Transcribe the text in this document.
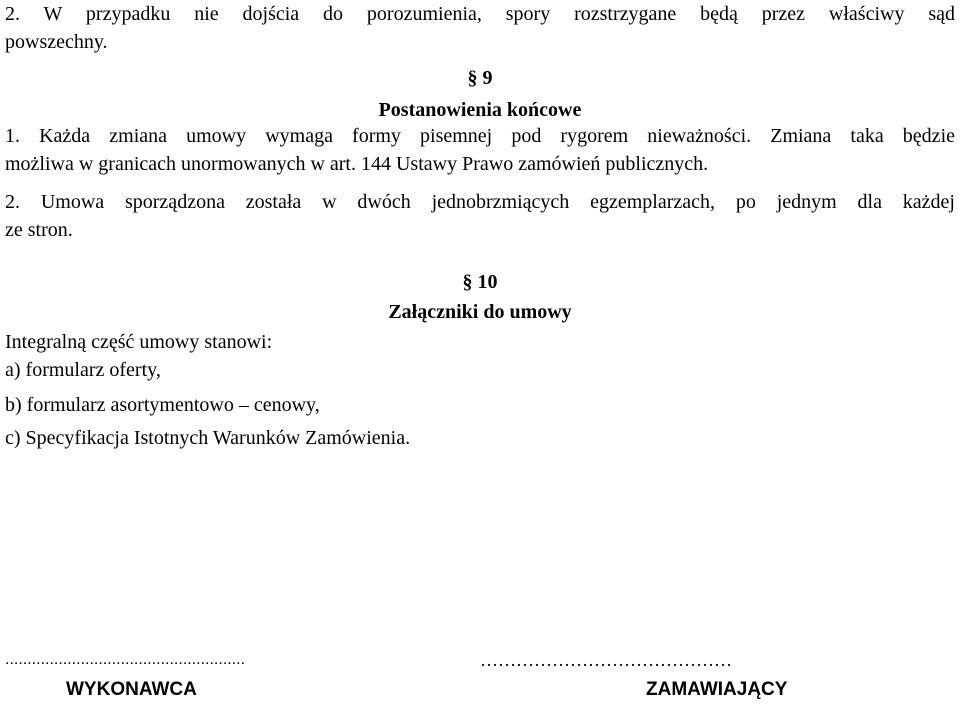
2. W przypadku nie dojścia do porozumienia, spory rozstrzygane będą przez właściwy sąd
powszechny.
§ 9
Postanowienia końcowe
1. Każda zmiana umowy wymaga formy pisemnej pod rygorem nieważności. Zmiana taka będzie
możliwa w granicach unormowanych w art. 144 Ustawy Prawo zamówień publicznych.
2. Umowa sporządzona została w dwóch jednobrzmiących egzemplarzach, po jednym dla każdej
ze stron.
§ 10
Załączniki do umowy
Integralną część umowy stanowi:
a) formularz oferty,
b) formularz asortymentowo – cenowy,
c) Specyfikacja Istotnych Warunków Zamówienia.
......................................................
WYKONAWCA
……………………………………
ZAMAWIAJĄCY
